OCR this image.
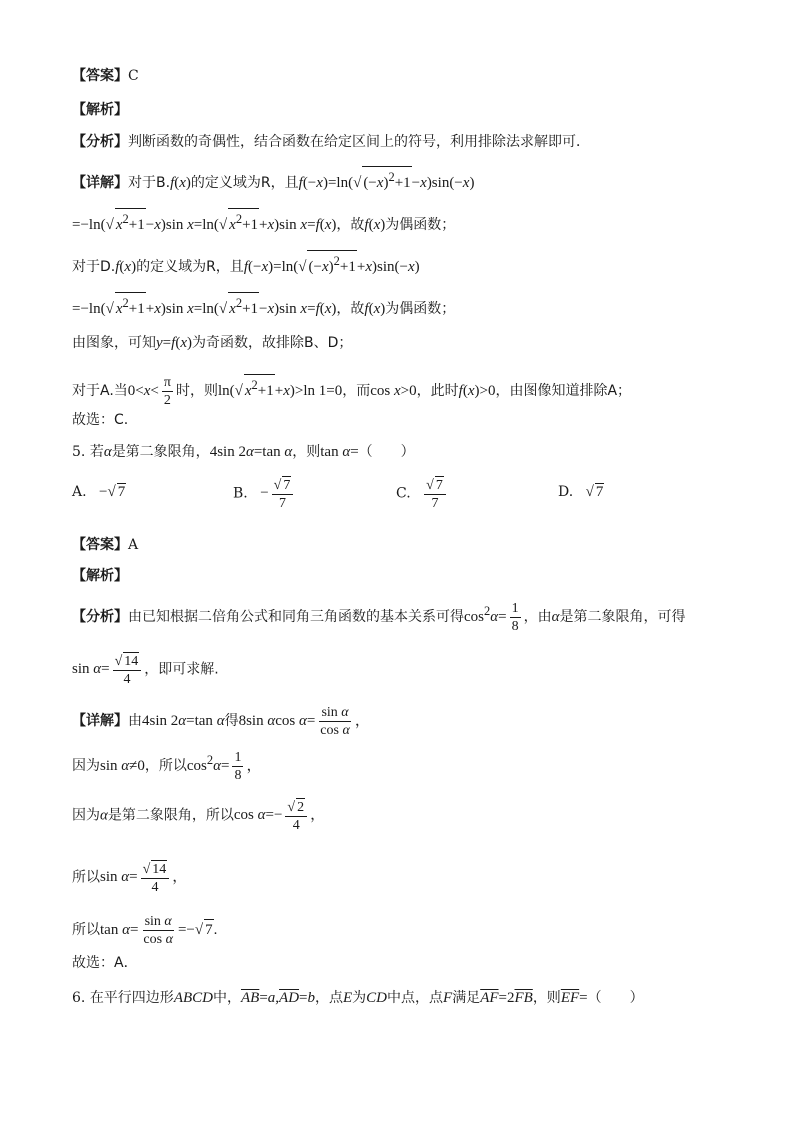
【答案】C
【解析】
【分析】判断函数的奇偶性，结合函数在给定区间上的符号，利用排除法求解即可．
【详解】对于B.f(x)的定义域为R，且f(−x)=ln(√ $(-x)^2+1-x)\sin(-x)$
=−ln(√ $x^2+1-x)\sin$ x=ln(√ $x^2+1+x)\sin$ x=f(x)，故f(x)为偶函数；
对于D.f(x)的定义域为R，且f(−x)=ln(√ $(-x)^2+1+x)\sin(-x)$
=−ln(√ $x^2+1+x)\sin$ x=ln(√ $x^2+1-x)\sin$ x=f(x)，故f(x)为偶函数；
由图象，可知y=f(x)为奇函数，故排除B、D；
对于A.当$0<x< \frac{\pi}{2}$ 时，则ln(√ $x^2+1+x)>\ln$ 1=0，而cos x>0，此时f(x)>0，由图像知道排除A；
故选：C.
5. 若α是第二象限角，4sin 2α=tan α，则tan α=（　　）
A. −√ 7	B. − $\frac{√ 7}{7}$	C. $\frac{√ 7}{7}$	D. √ 7
【答案】A
【解析】
【分析】由已知根据二倍角公式和同角三角函数的基本关系可得$\cos^2\alpha= \frac{1}{8}$ ，由α是第二象限角，可得
$\sin \alpha= \frac{√ 14}{4}$ ，即可求解.
【详解】由4sin 2α=tan α得8sin αcos $\alpha= \frac{\text{sin α}}{\text{cos α}}$ ，
因为sin α≠0，所以$\cos^2\alpha= \frac{1}{8}$ ，
因为α是第二象限角，所以$\cos \alpha=- \frac{√ 2}{4}$ ，
所以$\sin \alpha= \frac{√ 14}{4}$ ，
所以$\tan \alpha= \frac{\text{sin α}}{\text{cos α}}$ =−√ 7.
故选：A．
6. 在平行四边形ABCD中，$\overline{AB}=a,\overline{AD}=b$，点E为CD中点，点F满足$\overline{AF}=2\overline{FB}$，则$\overline{EF}=$（　　）
